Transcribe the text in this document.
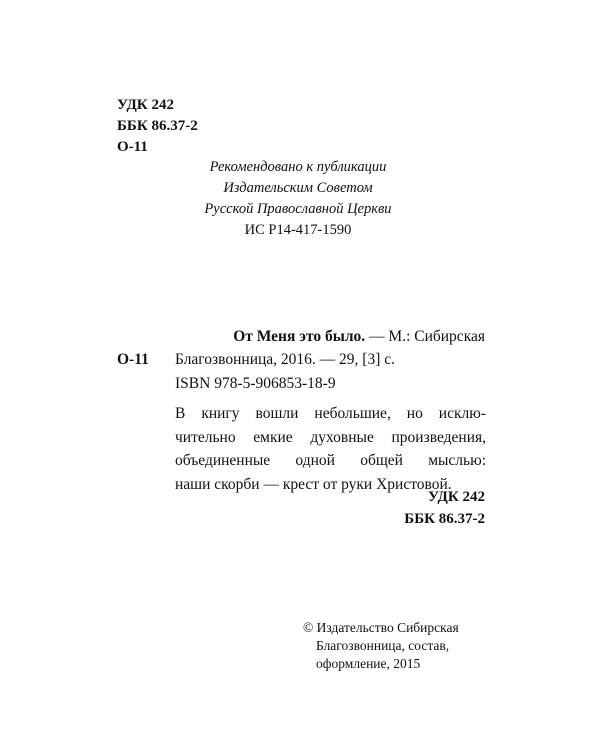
УДК 242
ББК 86.37-2
О-11
Рекомендовано к публикации
Издательским Советом
Русской Православной Церкви
ИС Р14-417-1590
От Меня это было. — М.: Сибирская
О-11 Благозвонница, 2016. — 29, [3] с.
ISBN 978-5-906853-18-9
В книгу вошли небольшие, но исклю-
чительно емкие духовные произведения,
объединенные одной общей мыслью:
наши скорби — крест от руки Христовой.
УДК 242
ББК 86.37-2
© Издательство Сибирская
Благозвонница, состав,
оформление, 2015
